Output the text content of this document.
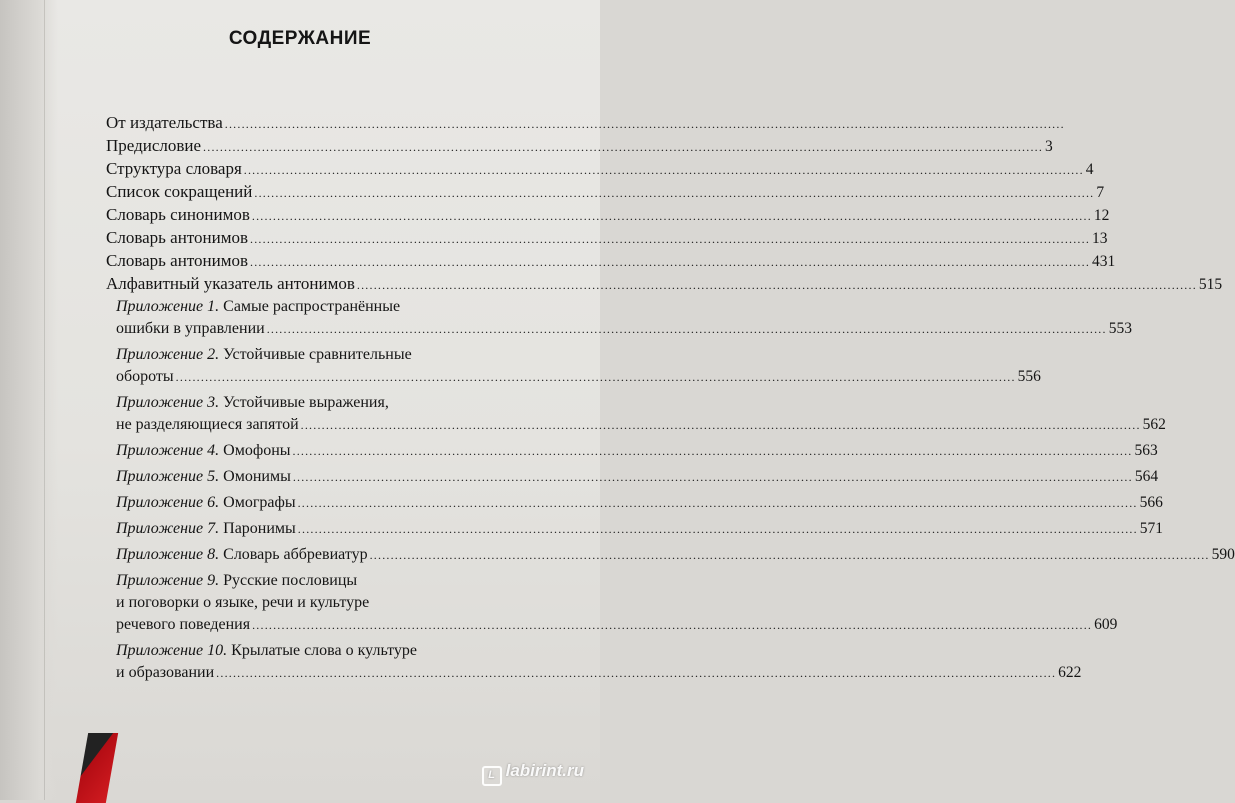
СОДЕРЖАНИЕ
От издательства ........................................................................................................................................................................................................
Предисловие ........................................................................................................................................................................................................ 3
Структура словаря ........................................................................................................................................................................................................ 4
Список сокращений ........................................................................................................................................................................................................ 7
Словарь синонимов ........................................................................................................................................................................................................ 12
Словарь антонимов ........................................................................................................................................................................................................ 13
Словарь антонимов ........................................................................................................................................................................................................ 431
Алфавитный указатель антонимов ........................................................................................................................................................................................................ 515
Приложение 1. Самые распространённые
ошибки в управлении ........................................................................................................................................................................................................ 553
Приложение 2. Устойчивые сравнительные
обороты ........................................................................................................................................................................................................ 556
Приложение 3. Устойчивые выражения,
не разделяющиеся запятой ........................................................................................................................................................................................................ 562
Приложение 4. Омофоны ........................................................................................................................................................................................................ 563
Приложение 5. Омонимы ........................................................................................................................................................................................................ 564
Приложение 6. Омографы ........................................................................................................................................................................................................ 566
Приложение 7. Паронимы ........................................................................................................................................................................................................ 571
Приложение 8. Словарь аббревиатур ........................................................................................................................................................................................................ 590
Приложение 9. Русские пословицы
и поговорки о языке, речи и культуре
речевого поведения ........................................................................................................................................................................................................ 609
Приложение 10. Крылатые слова о культуре
и образовании ........................................................................................................................................................................................................ 622
L labirint.ru
